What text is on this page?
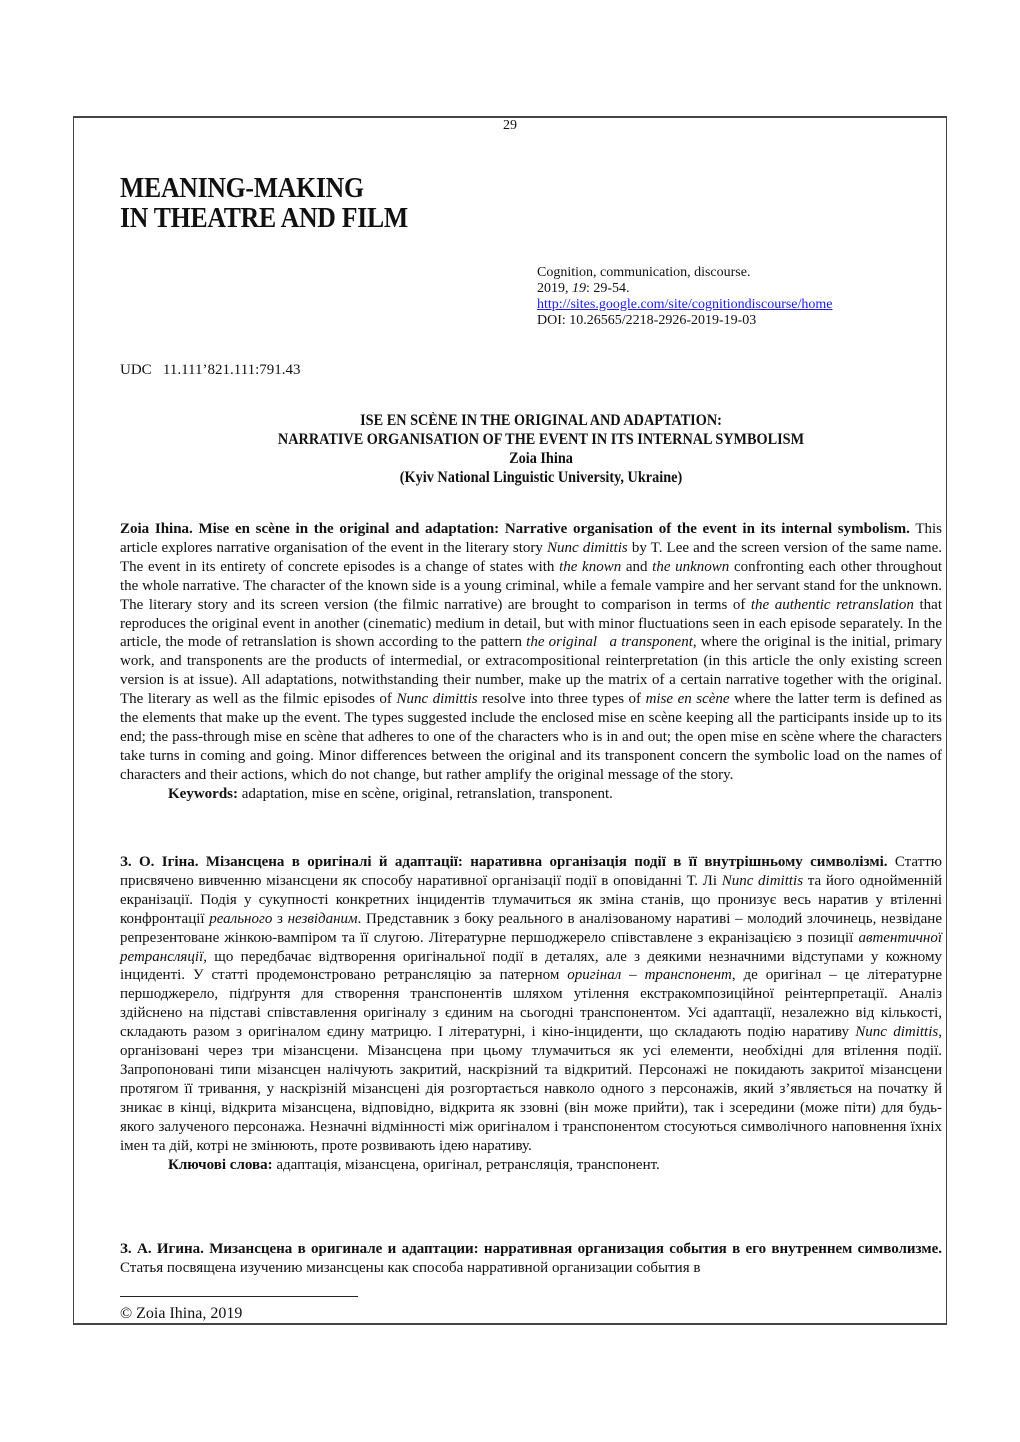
29
MEANING-MAKING
IN THEATRE AND FILM
Cognition, communication, discourse.
2019, 19: 29-54.
http://sites.google.com/site/cognitiondiscourse/home
DOI: 10.26565/2218-2926-2019-19-03
UDC   11.111’821.111:791.43
ISE EN SCÈNE IN THE ORIGINAL AND ADAPTATION:
NARRATIVE ORGANISATION OF THE EVENT IN ITS INTERNAL SYMBOLISM
Zoia Ihina
(Kyiv National Linguistic University, Ukraine)

Zoia Ihina. Mise en scène in the original and adaptation: Narrative organisation of the event in its internal symbolism. This article explores narrative organisation of the event in the literary story Nunc dimittis by T. Lee and the screen version of the same name. The event in its entirety of concrete episodes is a change of states with the known and the unknown confronting each other throughout the whole narrative. The character of the known side is a young criminal, while a female vampire and her servant stand for the unknown. The literary story and its screen version (the filmic narrative) are brought to comparison in terms of the authentic retranslation that reproduces the original event in another (cinematic) medium in detail, but with minor fluctuations seen in each episode separately. In the article, the mode of retranslation is shown according to the pattern the original   a transponent, where the original is the initial, primary work, and transponents are the products of intermedial, or extracompositional reinterpretation (in this article the only existing screen version is at issue). All adaptations, notwithstanding their number, make up the matrix of a certain narrative together with the original. The literary as well as the filmic episodes of Nunc dimittis resolve into three types of mise en scène where the latter term is defined as the elements that make up the event. The types suggested include the enclosed mise en scène keeping all the participants inside up to its end; the pass-through mise en scène that adheres to one of the characters who is in and out; the open mise en scène where the characters take turns in coming and going. Minor differences between the original and its transponent concern the symbolic load on the names of characters and their actions, which do not change, but rather amplify the original message of the story.

Keywords: adaptation, mise en scène, original, retranslation, transponent.

З. О. Ігіна. Мізансцена в оригіналі й адаптації: наративна організація події в її внутрішньому символізмі. Статтю присвячено вивченню мізансцени як способу наративної організації події в оповіданні Т. Лі Nunc dimittis та його однойменній екранізації. Подія у сукупності конкретних інцидентів тлумачиться як зміна станів, що пронизує весь наратив у втіленні конфронтації реального з незвіданим. Представник з боку реального в аналізованому наративі – молодий злочинець, незвідане репрезентоване жінкою-вампіром та її слугою. Літературне першоджерело співставлене з екранізацією з позиції автентичної ретрансляції, що передбачає відтворення оригінальної події в деталях, але з деякими незначними відступами у кожному інциденті. У статті продемонстровано ретрансляцію за патерном оригінал – транспонент, де оригінал – це літературне першоджерело, підґрунтя для створення транспонентів шляхом утілення екстракомпозиційної реінтерпретації. Аналіз здійснено на підставі співставлення оригіналу з єдиним на сьогодні транспонентом. Усі адаптації, незалежно від кількості, складають разом з оригіналом єдину матрицю. І літературні, і кіно-інциденти, що складають подію наративу Nunc dimittis, організовані через три мізансцени. Мізансцена при цьому тлумачиться як усі елементи, необхідні для втілення події. Запропоновані типи мізансцен налічують закритий, наскрізний та відкритий. Персонажі не покидають закритої мізансцени протягом її тривання, у наскрізній мізансцені дія розгортається навколо одного з персонажів, який з’являється на початку й зникає в кінці, відкрита мізансцена, відповідно, відкрита як ззовні (він може прийти), так і зсередини (може піти) для будь-якого залученого персонажа. Незначні відмінності між оригіналом і транспонентом стосуються символічного наповнення їхніх імен та дій, котрі не змінюють, проте розвивають ідею наративу.

Ключові слова: адаптація, мізансцена, оригінал, ретрансляція, транспонент.

З. А. Игина. Мизансцена в оригинале и адаптации: нарративная организация события в его внутреннем символизме. Статья посвящена изучению мизансцены как способа нарративной организации события в

© Zoia Ihina, 2019
